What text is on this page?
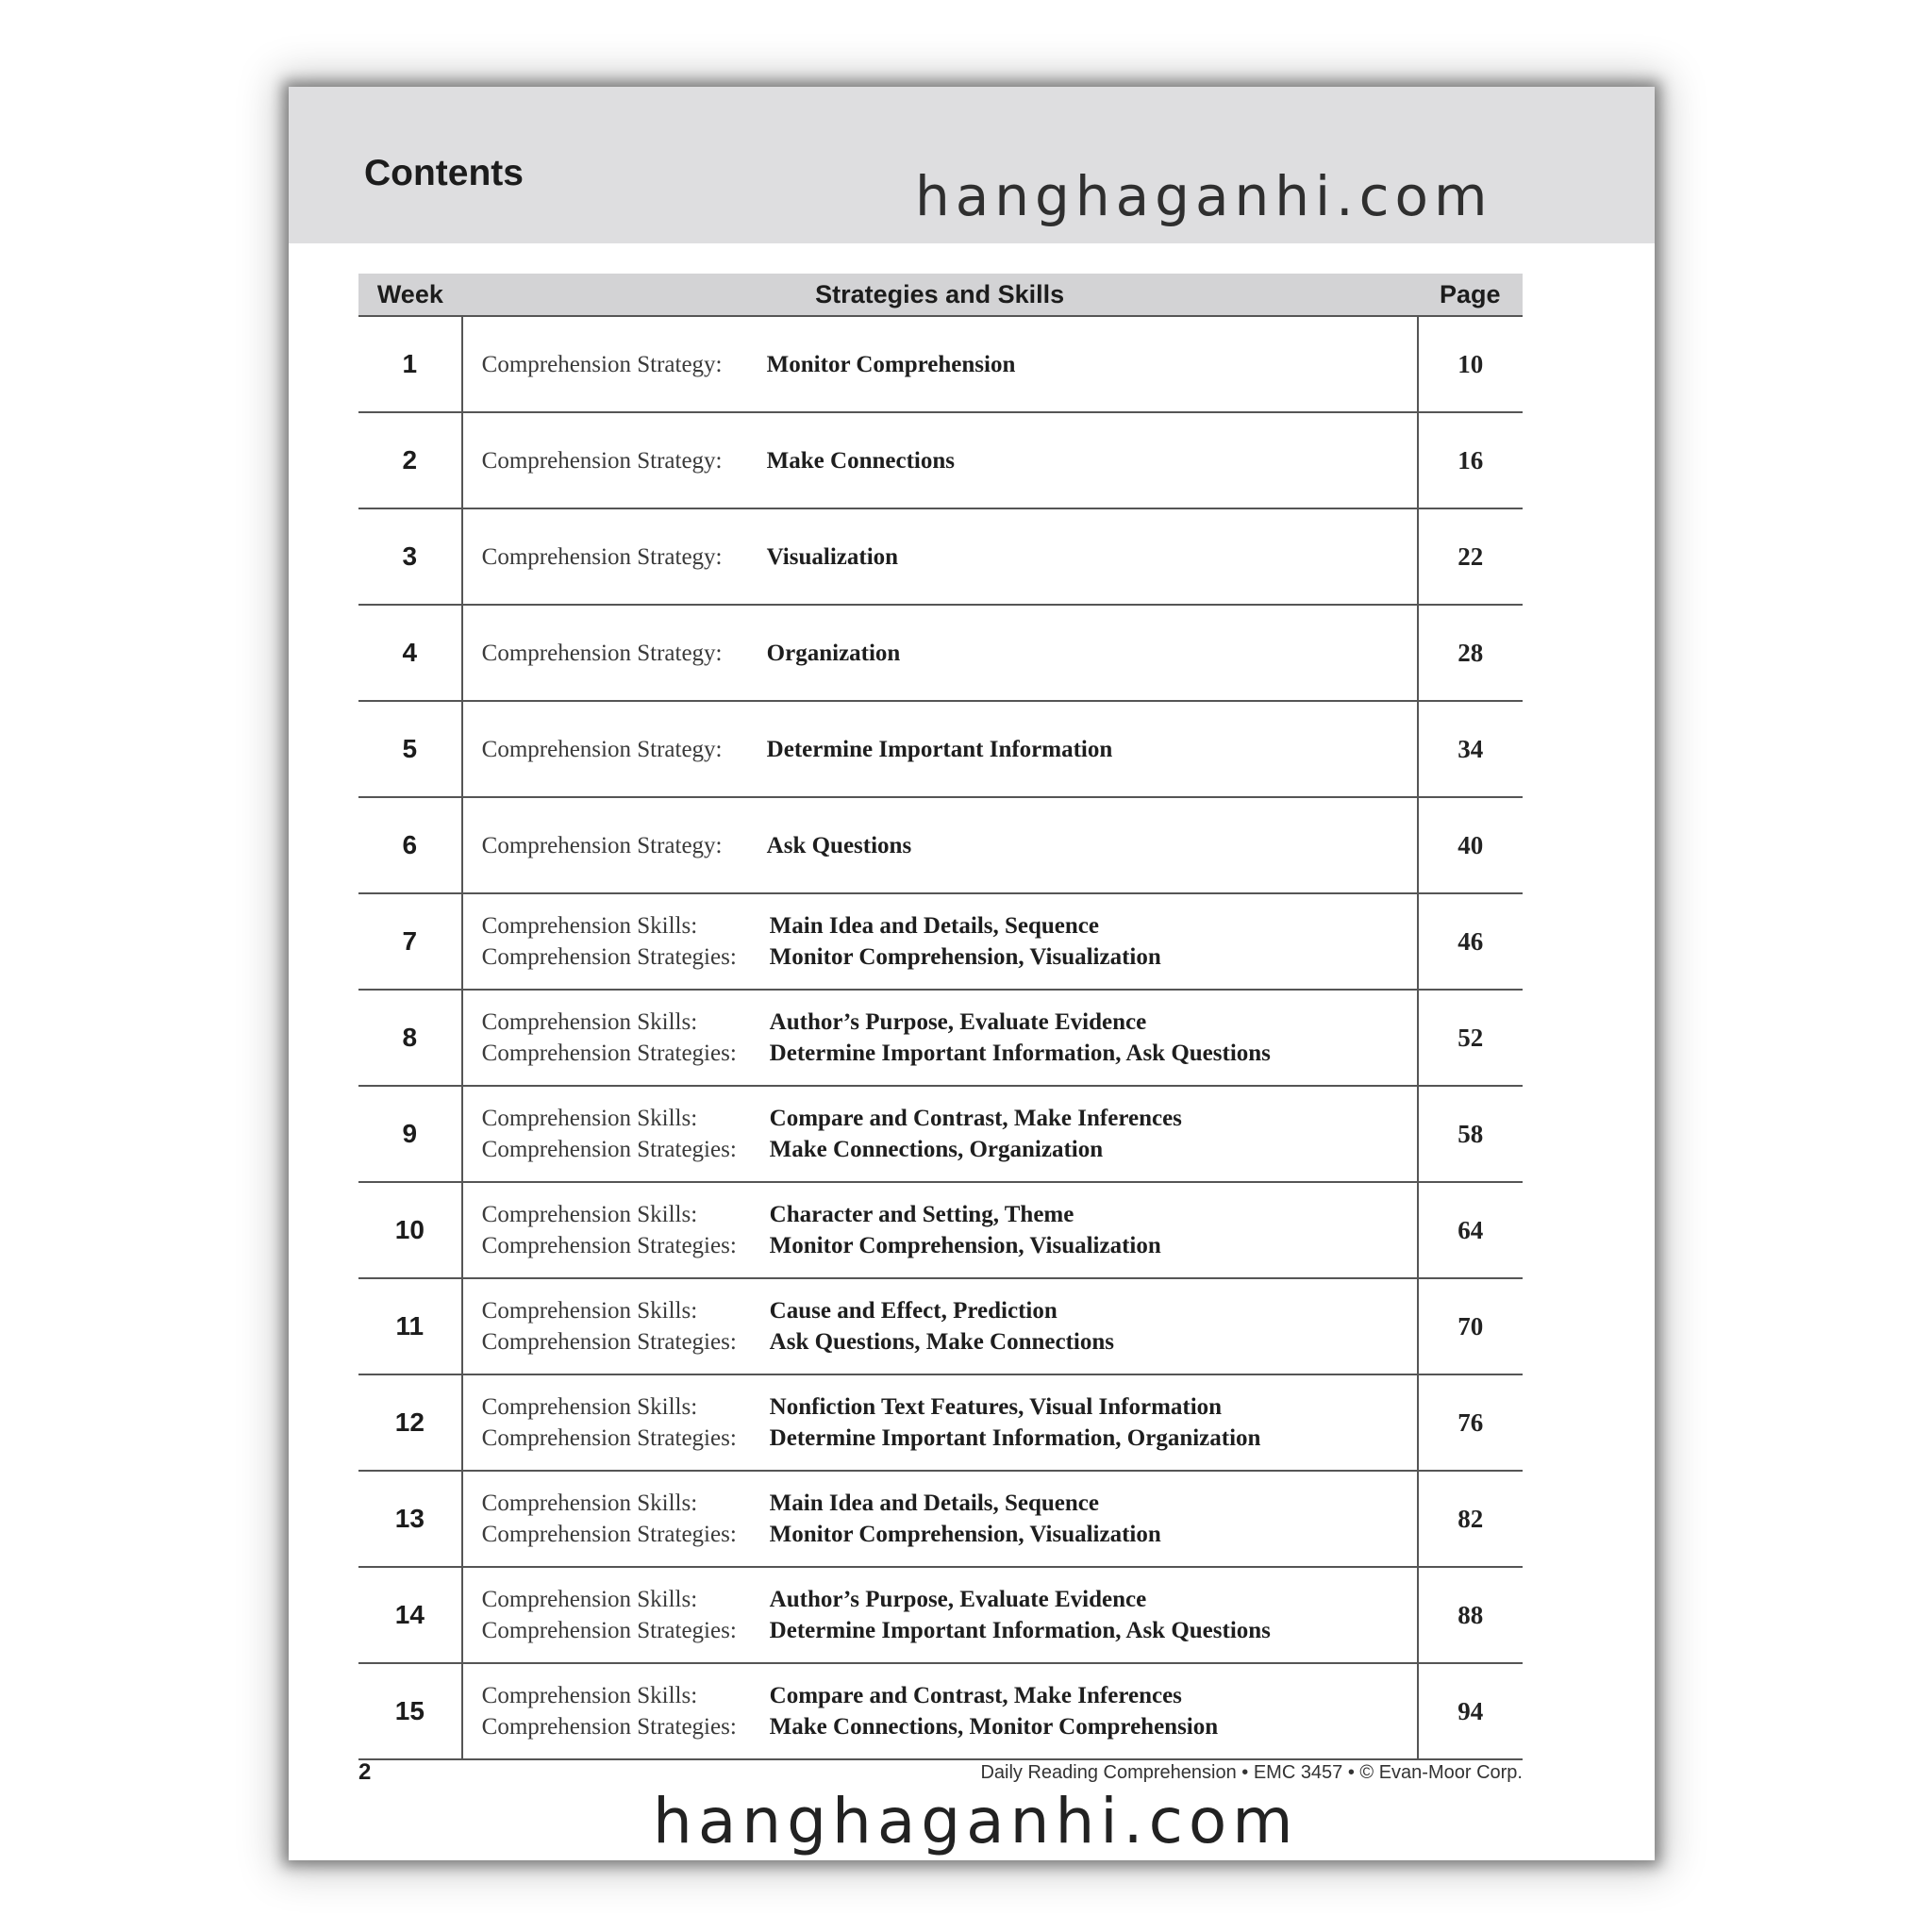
Contents	hanghaganhi.com
Week	Strategies and Skills	Page
1	Comprehension Strategy: Monitor Comprehension	10
2	Comprehension Strategy: Make Connections	16
3	Comprehension Strategy: Visualization	22
4	Comprehension Strategy: Organization	28
5	Comprehension Strategy: Determine Important Information	34
6	Comprehension Strategy: Ask Questions	40
7	Comprehension Skills: Main Idea and Details, Sequence
Comprehension Strategies: Monitor Comprehension, Visualization	46
8	Comprehension Skills: Author’s Purpose, Evaluate Evidence
Comprehension Strategies: Determine Important Information, Ask Questions	52
9	Comprehension Skills: Compare and Contrast, Make Inferences
Comprehension Strategies: Make Connections, Organization	58
10	Comprehension Skills: Character and Setting, Theme
Comprehension Strategies: Monitor Comprehension, Visualization	64
11	Comprehension Skills: Cause and Effect, Prediction
Comprehension Strategies: Ask Questions, Make Connections	70
12	Comprehension Skills: Nonfiction Text Features, Visual Information
Comprehension Strategies: Determine Important Information, Organization	76
13	Comprehension Skills: Main Idea and Details, Sequence
Comprehension Strategies: Monitor Comprehension, Visualization	82
14	Comprehension Skills: Author’s Purpose, Evaluate Evidence
Comprehension Strategies: Determine Important Information, Ask Questions	88
15	Comprehension Skills: Compare and Contrast, Make Inferences
Comprehension Strategies: Make Connections, Monitor Comprehension	94
2	Daily Reading Comprehension • EMC 3457 • © Evan-Moor Corp.
hanghaganhi.com
